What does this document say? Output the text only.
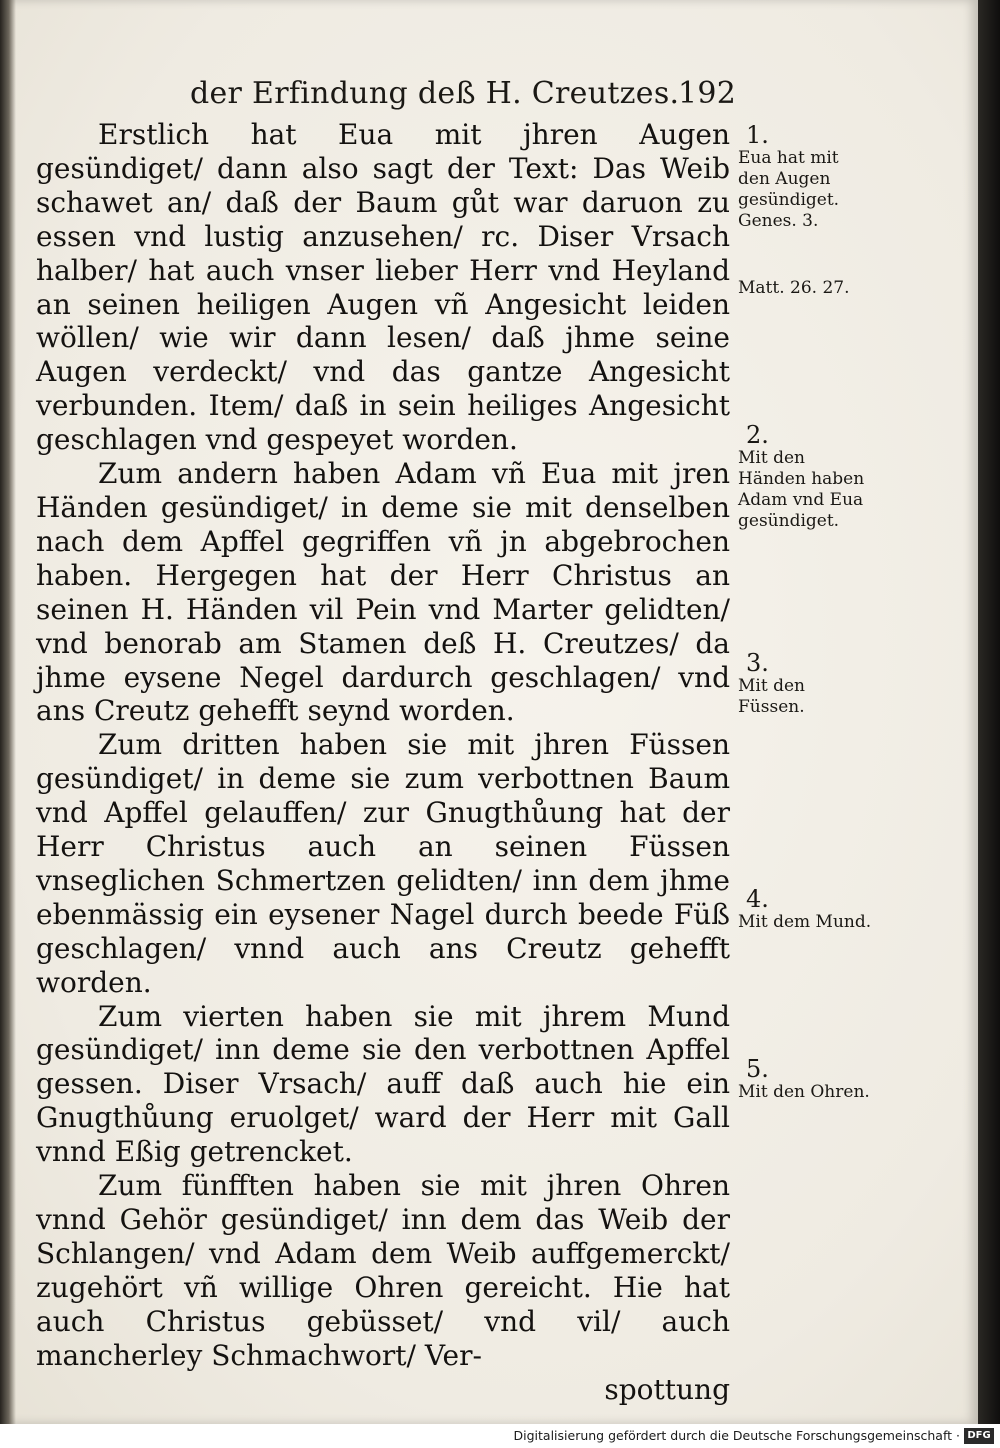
der Erfindung deß H. Creutzes.
192

Erstlich hat Eua mit jhren Augen gesündiget/ dann also sagt der Text: Das Weib schawet an/ daß der Baum gůt war daruon zu essen vnd lustig anzusehen/ rc. Diser Vrsach halber/ hat auch vnser lieber Herr vnd Heyland an seinen heiligen Augen vñ Angesicht leiden wöllen/ wie wir dann lesen/ daß jhme seine Augen verdeckt/ vnd das gantze Angesicht verbunden. Item/ daß in sein heiliges Angesicht geschlagen vnd gespeyet worden.

Zum andern haben Adam vñ Eua mit jren Händen gesündiget/ in deme sie mit denselben nach dem Apffel gegriffen vñ jn abgebrochen haben. Hergegen hat der Herr Christus an seinen H. Händen vil Pein vnd Marter gelidten/ vnd benorab am Stamen deß H. Creutzes/ da jhme eysene Negel dardurch geschlagen/ vnd ans Creutz gehefft seynd worden.

Zum dritten haben sie mit jhren Füssen gesündiget/ in deme sie zum verbottnen Baum vnd Apffel gelauffen/ zur Gnugthůung hat der Herr Christus auch an seinen Füssen vnseglichen Schmertzen gelidten/ inn dem jhme ebenmässig ein eysener Nagel durch beede Füß geschlagen/ vnnd auch ans Creutz gehefft worden.

Zum vierten haben sie mit jhrem Mund gesündiget/ inn deme sie den verbottnen Apffel gessen. Diser Vrsach/ auff daß auch hie ein Gnugthůung eruolget/ ward der Herr mit Gall vnnd Eßig getrencket.

Zum fünfften haben sie mit jhren Ohren vnnd Gehör gesündiget/ inn dem das Weib der Schlangen/ vnd Adam dem Weib auffgemerckt/ zugehört vñ willige Ohren gereicht. Hie hat auch Christus gebüsset/ vnd vil/ auch mancherley Schmachwort/ Ver-

spottung

1.
Eua hat mit den Augen gesündiget. Genes. 3.
Matt. 26. 27.
2.
Mit den Händen haben Adam vnd Eua gesündiget.
3.
Mit den Füssen.
4.
Mit dem Mund.
5.
Mit den Ohren.
Digitalisierung gefördert durch die Deutsche Forschungsgemeinschaft · DFG
